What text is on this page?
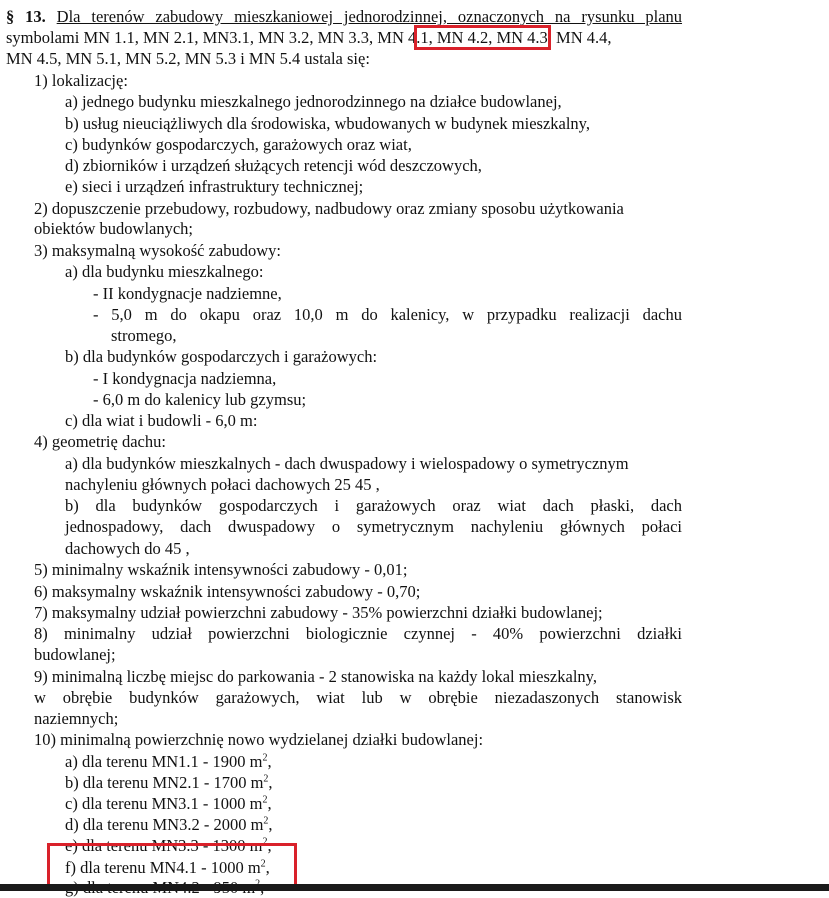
§ 13. Dla terenów zabudowy mieszkaniowej jednorodzinnej, oznaczonych na rysunku planu
symbolami MN 1.1, MN 2.1, MN3.1, MN 3.2, MN 3.3, MN 4.1, MN 4.2, MN 4.3, MN 4.4,
MN 4.5, MN 5.1, MN 5.2, MN 5.3 i MN 5.4 ustala się:
1) lokalizację:
a) jednego budynku mieszkalnego jednorodzinnego na działce budowlanej,
b) usług nieuciążliwych dla środowiska, wbudowanych w budynek mieszkalny,
c) budynków gospodarczych, garażowych oraz wiat,
d) zbiorników i urządzeń służących retencji wód deszczowych,
e) sieci i urządzeń infrastruktury technicznej;
2) dopuszczenie przebudowy, rozbudowy, nadbudowy oraz zmiany sposobu użytkowania
obiektów budowlanych;
3) maksymalną wysokość zabudowy:
a) dla budynku mieszkalnego:
- II kondygnacje nadziemne,
- 5,0 m do okapu oraz 10,0 m do kalenicy, w przypadku realizacji dachu
stromego,
b) dla budynków gospodarczych i garażowych:
- I kondygnacja nadziemna,
- 6,0 m do kalenicy lub gzymsu;
c) dla wiat i budowli - 6,0 m:
4) geometrię dachu:
a) dla budynków mieszkalnych - dach dwuspadowy i wielospadowy o symetrycznym
nachyleniu głównych połaci dachowych 25 45 ,
b) dla budynków gospodarczych i garażowych oraz wiat dach płaski, dach
jednospadowy, dach dwuspadowy o symetrycznym nachyleniu głównych połaci
dachowych do 45 ,
5) minimalny wskaźnik intensywności zabudowy - 0,01;
6) maksymalny wskaźnik intensywności zabudowy - 0,70;
7) maksymalny udział powierzchni zabudowy - 35% powierzchni działki budowlanej;
8) minimalny udział powierzchni biologicznie czynnej - 40% powierzchni działki
budowlanej;
9) minimalną liczbę miejsc do parkowania - 2 stanowiska na każdy lokal mieszkalny,
w obrębie budynków garażowych, wiat lub w obrębie niezadaszonych stanowisk
naziemnych;
10) minimalną powierzchnię nowo wydzielanej działki budowlanej:
a) dla terenu MN1.1 - 1900 $m^2$,
b) dla terenu MN2.1 - 1700 $m^2$,
c) dla terenu MN3.1 - 1000 $m^2$,
d) dla terenu MN3.2 - 2000 $m^2$,
e) dla terenu MN3.3 - 1300 $m^2$,
f) dla terenu MN4.1 - 1000 $m^2$,
